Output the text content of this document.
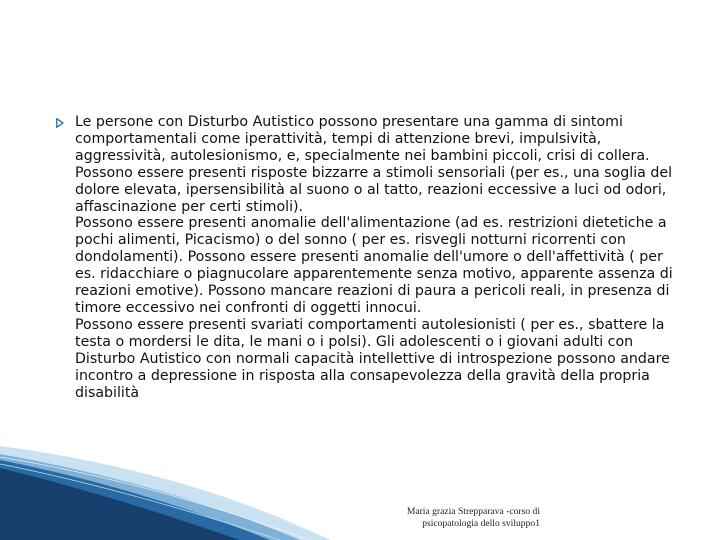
Le persone con Disturbo Autistico possono presentare una gamma di sintomi comportamentali come iperattività, tempi di attenzione brevi, impulsività, aggressività, autolesionismo, e, specialmente nei bambini piccoli, crisi di collera. Possono essere presenti risposte bizzarre a stimoli sensoriali (per es., una soglia del dolore elevata, ipersensibilità al suono o al tatto, reazioni eccessive a luci od odori, affascinazione per certi stimoli).

Possono essere presenti anomalie dell'alimentazione (ad es. restrizioni dietetiche a pochi alimenti, Picacismo) o del sonno ( per es. risvegli notturni ricorrenti con dondolamenti). Possono essere presenti anomalie dell'umore o dell'affettività ( per es. ridacchiare o piagnucolare apparentemente senza motivo, apparente assenza di reazioni emotive). Possono mancare reazioni di paura a pericoli reali, in presenza di timore eccessivo nei confronti di oggetti innocui.

Possono essere presenti svariati comportamenti autolesionisti ( per es., sbattere la testa o mordersi le dita, le mani o i polsi). Gli adolescenti o i giovani adulti con Disturbo Autistico con normali capacità intellettive di introspezione possono andare incontro a depressione in risposta alla consapevolezza della gravità della propria disabilità

Maria grazia Strepparava -corso di
psicopatologia dello sviluppo1
